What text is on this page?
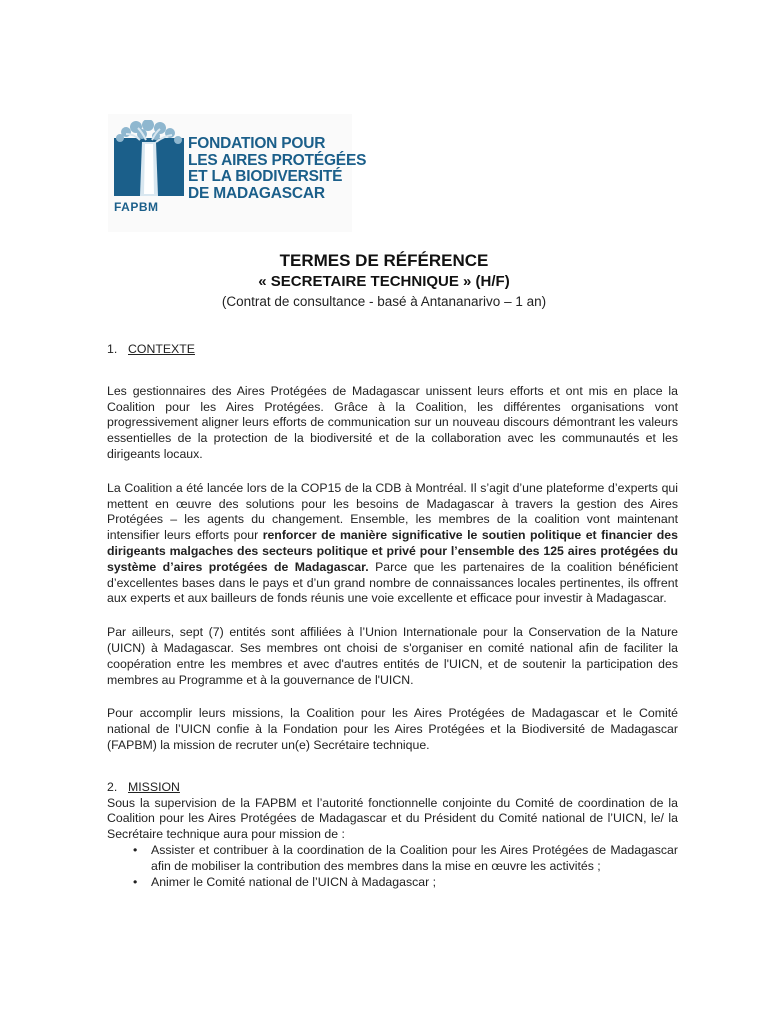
FONDATION POUR
LES AIRES PROTÉGÉES
ET LA BIODIVERSITÉ
DE MADAGASCAR
FAPBM
TERMES DE RÉFÉRENCE
« SECRETAIRE TECHNIQUE » (H/F)
(Contrat de consultance - basé à Antananarivo – 1 an)
1. CONTEXTE

Les gestionnaires des Aires Protégées de Madagascar unissent leurs efforts et ont mis en place la Coalition pour les Aires Protégées. Grâce à la Coalition, les différentes organisations vont progressivement aligner leurs efforts de communication sur un nouveau discours démontrant les valeurs essentielles de la protection de la biodiversité et de la collaboration avec les communautés et les dirigeants locaux.

La Coalition a été lancée lors de la COP15 de la CDB à Montréal. Il s’agit d’une plateforme d’experts qui mettent en œuvre des solutions pour les besoins de Madagascar à travers la gestion des Aires Protégées – les agents du changement. Ensemble, les membres de la coalition vont maintenant intensifier leurs efforts pour renforcer de manière significative le soutien politique et financier des dirigeants malgaches des secteurs politique et privé pour l’ensemble des 125 aires protégées du système d’aires protégées de Madagascar. Parce que les partenaires de la coalition bénéficient d’excellentes bases dans le pays et d’un grand nombre de connaissances locales pertinentes, ils offrent aux experts et aux bailleurs de fonds réunis une voie excellente et efficace pour investir à Madagascar.

Par ailleurs, sept (7) entités sont affiliées à l’Union Internationale pour la Conservation de la Nature (UICN) à Madagascar. Ses membres ont choisi de s'organiser en comité national afin de faciliter la coopération entre les membres et avec d'autres entités de l'UICN, et de soutenir la participation des membres au Programme et à la gouvernance de l'UICN.

Pour accomplir leurs missions, la Coalition pour les Aires Protégées de Madagascar et le Comité national de l’UICN confie à la Fondation pour les Aires Protégées et la Biodiversité de Madagascar (FAPBM) la mission de recruter un(e) Secrétaire technique.

2. MISSION

Sous la supervision de la FAPBM et l’autorité fonctionnelle conjointe du Comité de coordination de la Coalition pour les Aires Protégées de Madagascar et du Président du Comité national de l’UICN, le/ la Secrétaire technique aura pour mission de :

• Assister et contribuer à la coordination de la Coalition pour les Aires Protégées de Madagascar afin de mobiliser la contribution des membres dans la mise en œuvre les activités ;
• Animer le Comité national de l’UICN à Madagascar ;
